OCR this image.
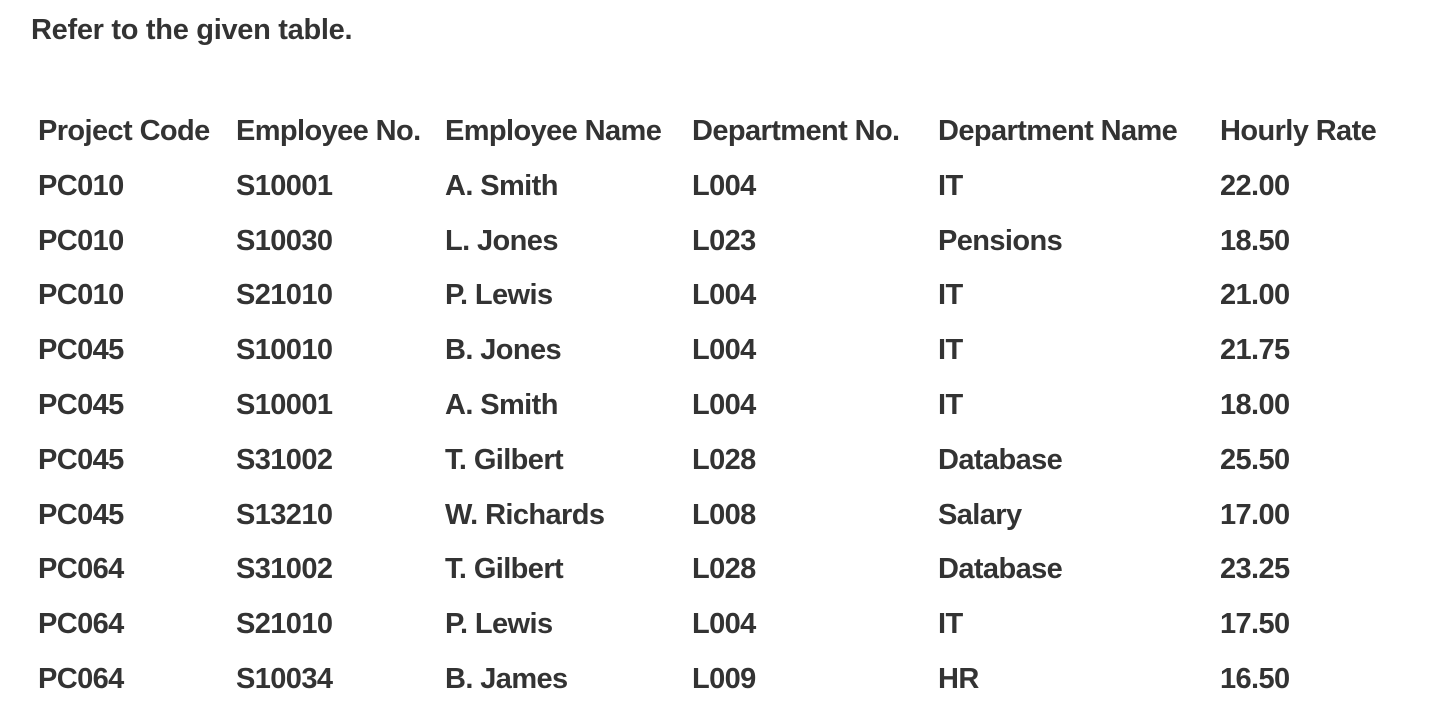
Refer to the given table.

Project Code	Employee No.	Employee Name	Department No.	Department Name	Hourly Rate
PC010	S10001	A. Smith	L004	IT	22.00
PC010	S10030	L. Jones	L023	Pensions	18.50
PC010	S21010	P. Lewis	L004	IT	21.00
PC045	S10010	B. Jones	L004	IT	21.75
PC045	S10001	A. Smith	L004	IT	18.00
PC045	S31002	T. Gilbert	L028	Database	25.50
PC045	S13210	W. Richards	L008	Salary	17.00
PC064	S31002	T. Gilbert	L028	Database	23.25
PC064	S21010	P. Lewis	L004	IT	17.50
PC064	S10034	B. James	L009	HR	16.50
